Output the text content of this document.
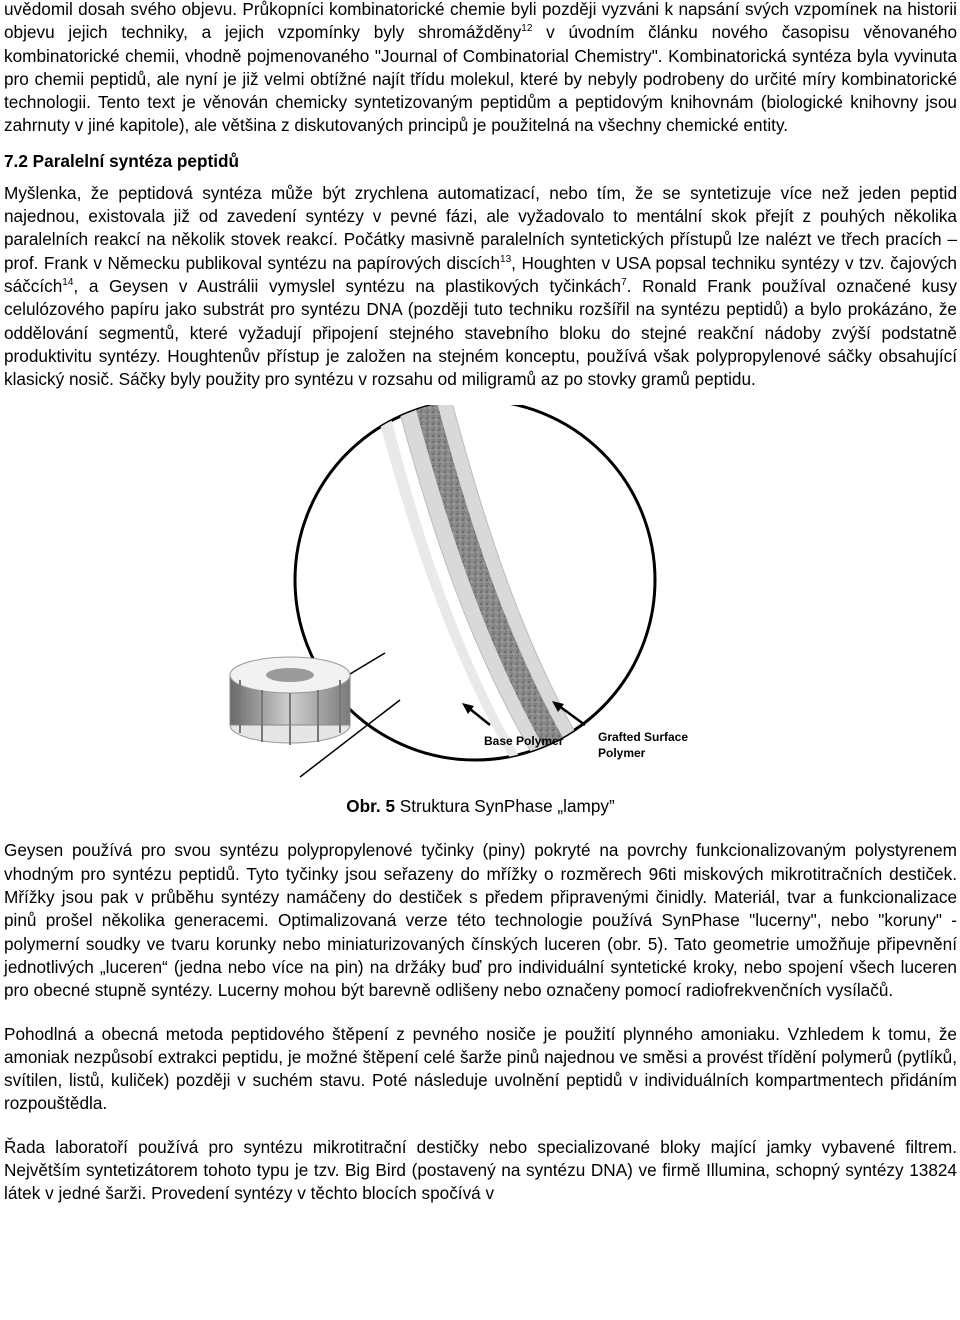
uvědomil dosah svého objevu. Průkopníci kombinatorické chemie byli později vyzváni k napsání svých vzpomínek na historii objevu jejich techniky, a jejich vzpomínky byly shromážděny$^{12}$ v úvodním článku nového časopisu věnovaného kombinatorické chemii, vhodně pojmenovaného "Journal of Combinatorial Chemistry". Kombinatorická syntéza byla vyvinuta pro chemii peptidů, ale nyní je již velmi obtížné najít třídu molekul, které by nebyly podrobeny do určité míry kombinatorické technologii. Tento text je věnován chemicky syntetizovaným peptidům a peptidovým knihovnám (biologické knihovny jsou zahrnuty v jiné kapitole), ale většina z diskutovaných principů je použitelná na všechny chemické entity.

7.2 Paralelní syntéza peptidů

Myšlenka, že peptidová syntéza může být zrychlena automatizací, nebo tím, že se syntetizuje více než jeden peptid najednou, existovala již od zavedení syntézy v pevné fázi, ale vyžadovalo to mentální skok přejít z pouhých několika paralelních reakcí na několik stovek reakcí. Počátky masivně paralelních syntetických přístupů lze nalézt ve třech pracích – prof. Frank v Německu publikoval syntézu na papírových discích$^{13}$, Houghten v USA popsal techniku syntézy v tzv. čajových sáčcích$^{14}$, a Geysen v Austrálii vymyslel syntézu na plastikových tyčinkách$^7$. Ronald Frank používal označené kusy celulózového papíru jako substrát pro syntézu DNA (později tuto techniku rozšířil na syntézu peptidů) a bylo prokázáno, že oddělování segmentů, které vyžadují připojení stejného stavebního bloku do stejné reakční nádoby zvýší podstatně produktivitu syntézy. Houghtenův přístup je založen na stejném konceptu, používá však polypropylenové sáčky obsahující klasický nosič. Sáčky byly použity pro syntézu v rozsahu od miligramů az po stovky gramů peptidu.

Base Polymer	Grafted Surface
Polymer
Obr. 5 Struktura SynPhase „lampy”

Geysen používá pro svou syntézu polypropylenové tyčinky (piny) pokryté na povrchy funkcionalizovaným polystyrenem vhodným pro syntézu peptidů. Tyto tyčinky jsou seřazeny do mřížky o rozměrech 96ti miskových mikrotitračních destiček. Mřížky jsou pak v průběhu syntézy namáčeny do destiček s předem připravenými činidly. Materiál, tvar a funkcionalizace pinů prošel několika generacemi. Optimalizovaná verze této technologie používá SynPhase "lucerny", nebo "koruny" - polymerní soudky ve tvaru korunky nebo miniaturizovaných čínských luceren (obr. 5). Tato geometrie umožňuje připevnění jednotlivých „luceren“ (jedna nebo více na pin) na držáky buď pro individuální syntetické kroky, nebo spojení všech luceren pro obecné stupně syntézy. Lucerny mohou být barevně odlišeny nebo označeny pomocí radiofrekvenčních vysílačů.

Pohodlná a obecná metoda peptidového štěpení z pevného nosiče je použití plynného amoniaku. Vzhledem k tomu, že amoniak nezpůsobí extrakci peptidu, je možné štěpení celé šarže pinů najednou ve směsi a provést třídění polymerů (pytlíků, svítilen, listů, kuliček) později v suchém stavu. Poté následuje uvolnění peptidů v individuálních kompartmentech přidáním rozpouštědla.

Řada laboratoří používá pro syntézu mikrotitrační destičky nebo specializované bloky mající jamky vybavené filtrem. Největším syntetizátorem tohoto typu je tzv. Big Bird (postavený na syntézu DNA) ve firmě Illumina, schopný syntézy 13824 látek v jedné šarži. Provedení syntézy v těchto blocích spočívá v
